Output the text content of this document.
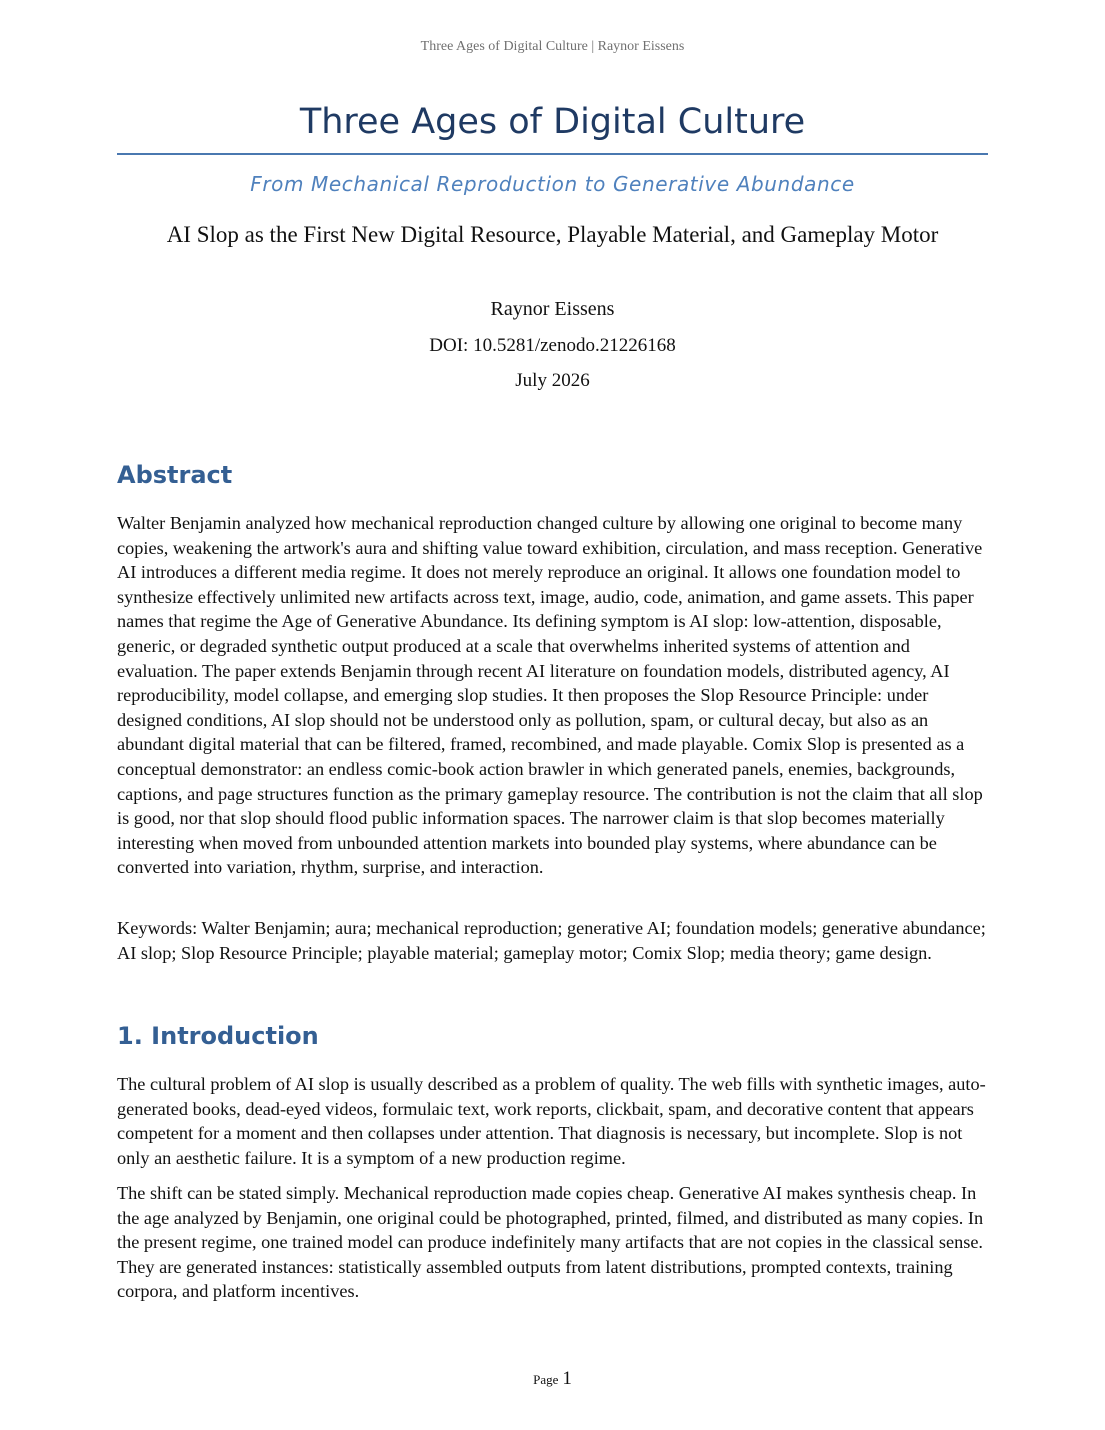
Three Ages of Digital Culture | Raynor Eissens
Three Ages of Digital Culture
From Mechanical Reproduction to Generative Abundance
AI Slop as the First New Digital Resource, Playable Material, and Gameplay Motor
Raynor Eissens
DOI: 10.5281/zenodo.21226168
July 2026
Abstract

Walter Benjamin analyzed how mechanical reproduction changed culture by allowing one original to become many copies, weakening the artwork's aura and shifting value toward exhibition, circulation, and mass reception. Generative AI introduces a different media regime. It does not merely reproduce an original. It allows one foundation model to synthesize effectively unlimited new artifacts across text, image, audio, code, animation, and game assets. This paper names that regime the Age of Generative Abundance. Its defining symptom is AI slop: low-attention, disposable, generic, or degraded synthetic output produced at a scale that overwhelms inherited systems of attention and evaluation. The paper extends Benjamin through recent AI literature on foundation models, distributed agency, AI reproducibility, model collapse, and emerging slop studies. It then proposes the Slop Resource Principle: under designed conditions, AI slop should not be understood only as pollution, spam, or cultural decay, but also as an abundant digital material that can be filtered, framed, recombined, and made playable. Comix Slop is presented as a conceptual demonstrator: an endless comic-book action brawler in which generated panels, enemies, backgrounds, captions, and page structures function as the primary gameplay resource. The contribution is not the claim that all slop is good, nor that slop should flood public information spaces. The narrower claim is that slop becomes materially interesting when moved from unbounded attention markets into bounded play systems, where abundance can be converted into variation, rhythm, surprise, and interaction.

Keywords: Walter Benjamin; aura; mechanical reproduction; generative AI; foundation models; generative abundance; AI slop; Slop Resource Principle; playable material; gameplay motor; Comix Slop; media theory; game design.

1. Introduction

The cultural problem of AI slop is usually described as a problem of quality. The web fills with synthetic images, auto-generated books, dead-eyed videos, formulaic text, work reports, clickbait, spam, and decorative content that appears competent for a moment and then collapses under attention. That diagnosis is necessary, but incomplete. Slop is not only an aesthetic failure. It is a symptom of a new production regime.

The shift can be stated simply. Mechanical reproduction made copies cheap. Generative AI makes synthesis cheap. In the age analyzed by Benjamin, one original could be photographed, printed, filmed, and distributed as many copies. In the present regime, one trained model can produce indefinitely many artifacts that are not copies in the classical sense. They are generated instances: statistically assembled outputs from latent distributions, prompted contexts, training corpora, and platform incentives.

Page 1
